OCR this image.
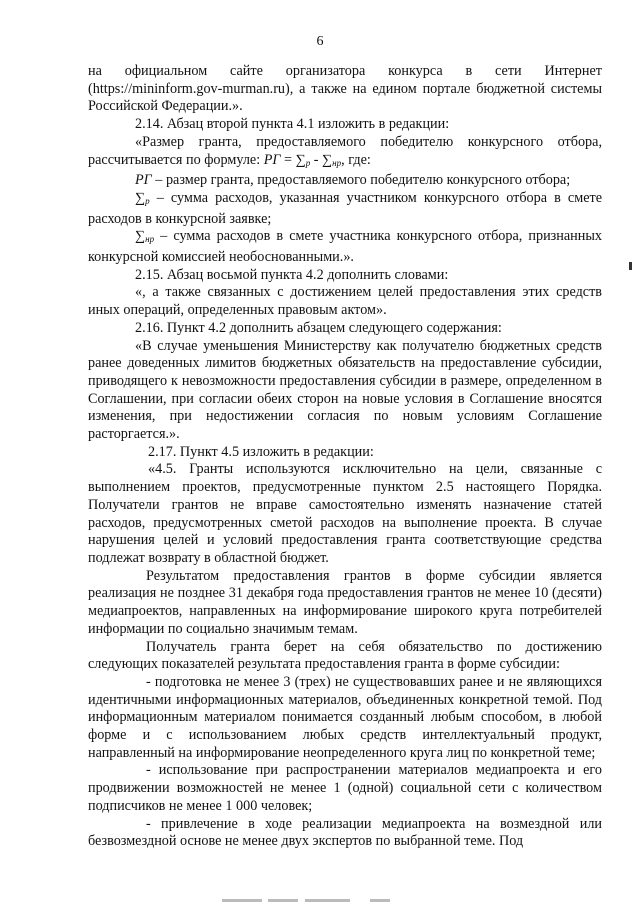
6

на официальном сайте организатора конкурса в сети Интернет (https://mininform.gov-murman.ru), а также на едином портале бюджетной системы Российской Федерации.».

2.14. Абзац второй пункта 4.1 изложить в редакции:

«Размер гранта, предоставляемого победителю конкурсного отбора, рассчитывается по формуле: РГ = $\sum_р - \sum_{нр}$, где:

РГ – размер гранта, предоставляемого победителю конкурсного отбора;

$\sum_р$ – сумма расходов, указанная участником конкурсного отбора в смете расходов в конкурсной заявке;

$\sum_{нр}$ – сумма расходов в смете участника конкурсного отбора, признанных конкурсной комиссией необоснованными.».

2.15. Абзац восьмой пункта 4.2 дополнить словами:

«, а также связанных с достижением целей предоставления этих средств иных операций, определенных правовым актом».

2.16. Пункт 4.2 дополнить абзацем следующего содержания:

«В случае уменьшения Министерству как получателю бюджетных средств ранее доведенных лимитов бюджетных обязательств на предоставление субсидии, приводящего к невозможности предоставления субсидии в размере, определенном в Соглашении, при согласии обеих сторон на новые условия в Соглашение вносятся изменения, при недостижении согласия по новым условиям Соглашение расторгается.».

2.17. Пункт 4.5 изложить в редакции:

«4.5. Гранты используются исключительно на цели, связанные с выполнением проектов, предусмотренные пунктом 2.5 настоящего Порядка. Получатели грантов не вправе самостоятельно изменять назначение статей расходов, предусмотренных сметой расходов на выполнение проекта. В случае нарушения целей и условий предоставления гранта соответствующие средства подлежат возврату в областной бюджет.

Результатом предоставления грантов в форме субсидии является реализация не позднее 31 декабря года предоставления грантов не менее 10 (десяти) медиапроектов, направленных на информирование широкого круга потребителей информации по социально значимым темам.

Получатель гранта берет на себя обязательство по достижению следующих показателей результата предоставления гранта в форме субсидии:

- подготовка не менее 3 (трех) не существовавших ранее и не являющихся идентичными информационных материалов, объединенных конкретной темой. Под информационным материалом понимается созданный любым способом, в любой форме и с использованием любых средств интеллектуальный продукт, направленный на информирование неопределенного круга лиц по конкретной теме;

- использование при распространении материалов медиапроекта и его продвижении возможностей не менее 1 (одной) социальной сети с количеством подписчиков не менее 1 000 человек;

- привлечение в ходе реализации медиапроекта на возмездной или безвозмездной основе не менее двух экспертов по выбранной теме. Под
